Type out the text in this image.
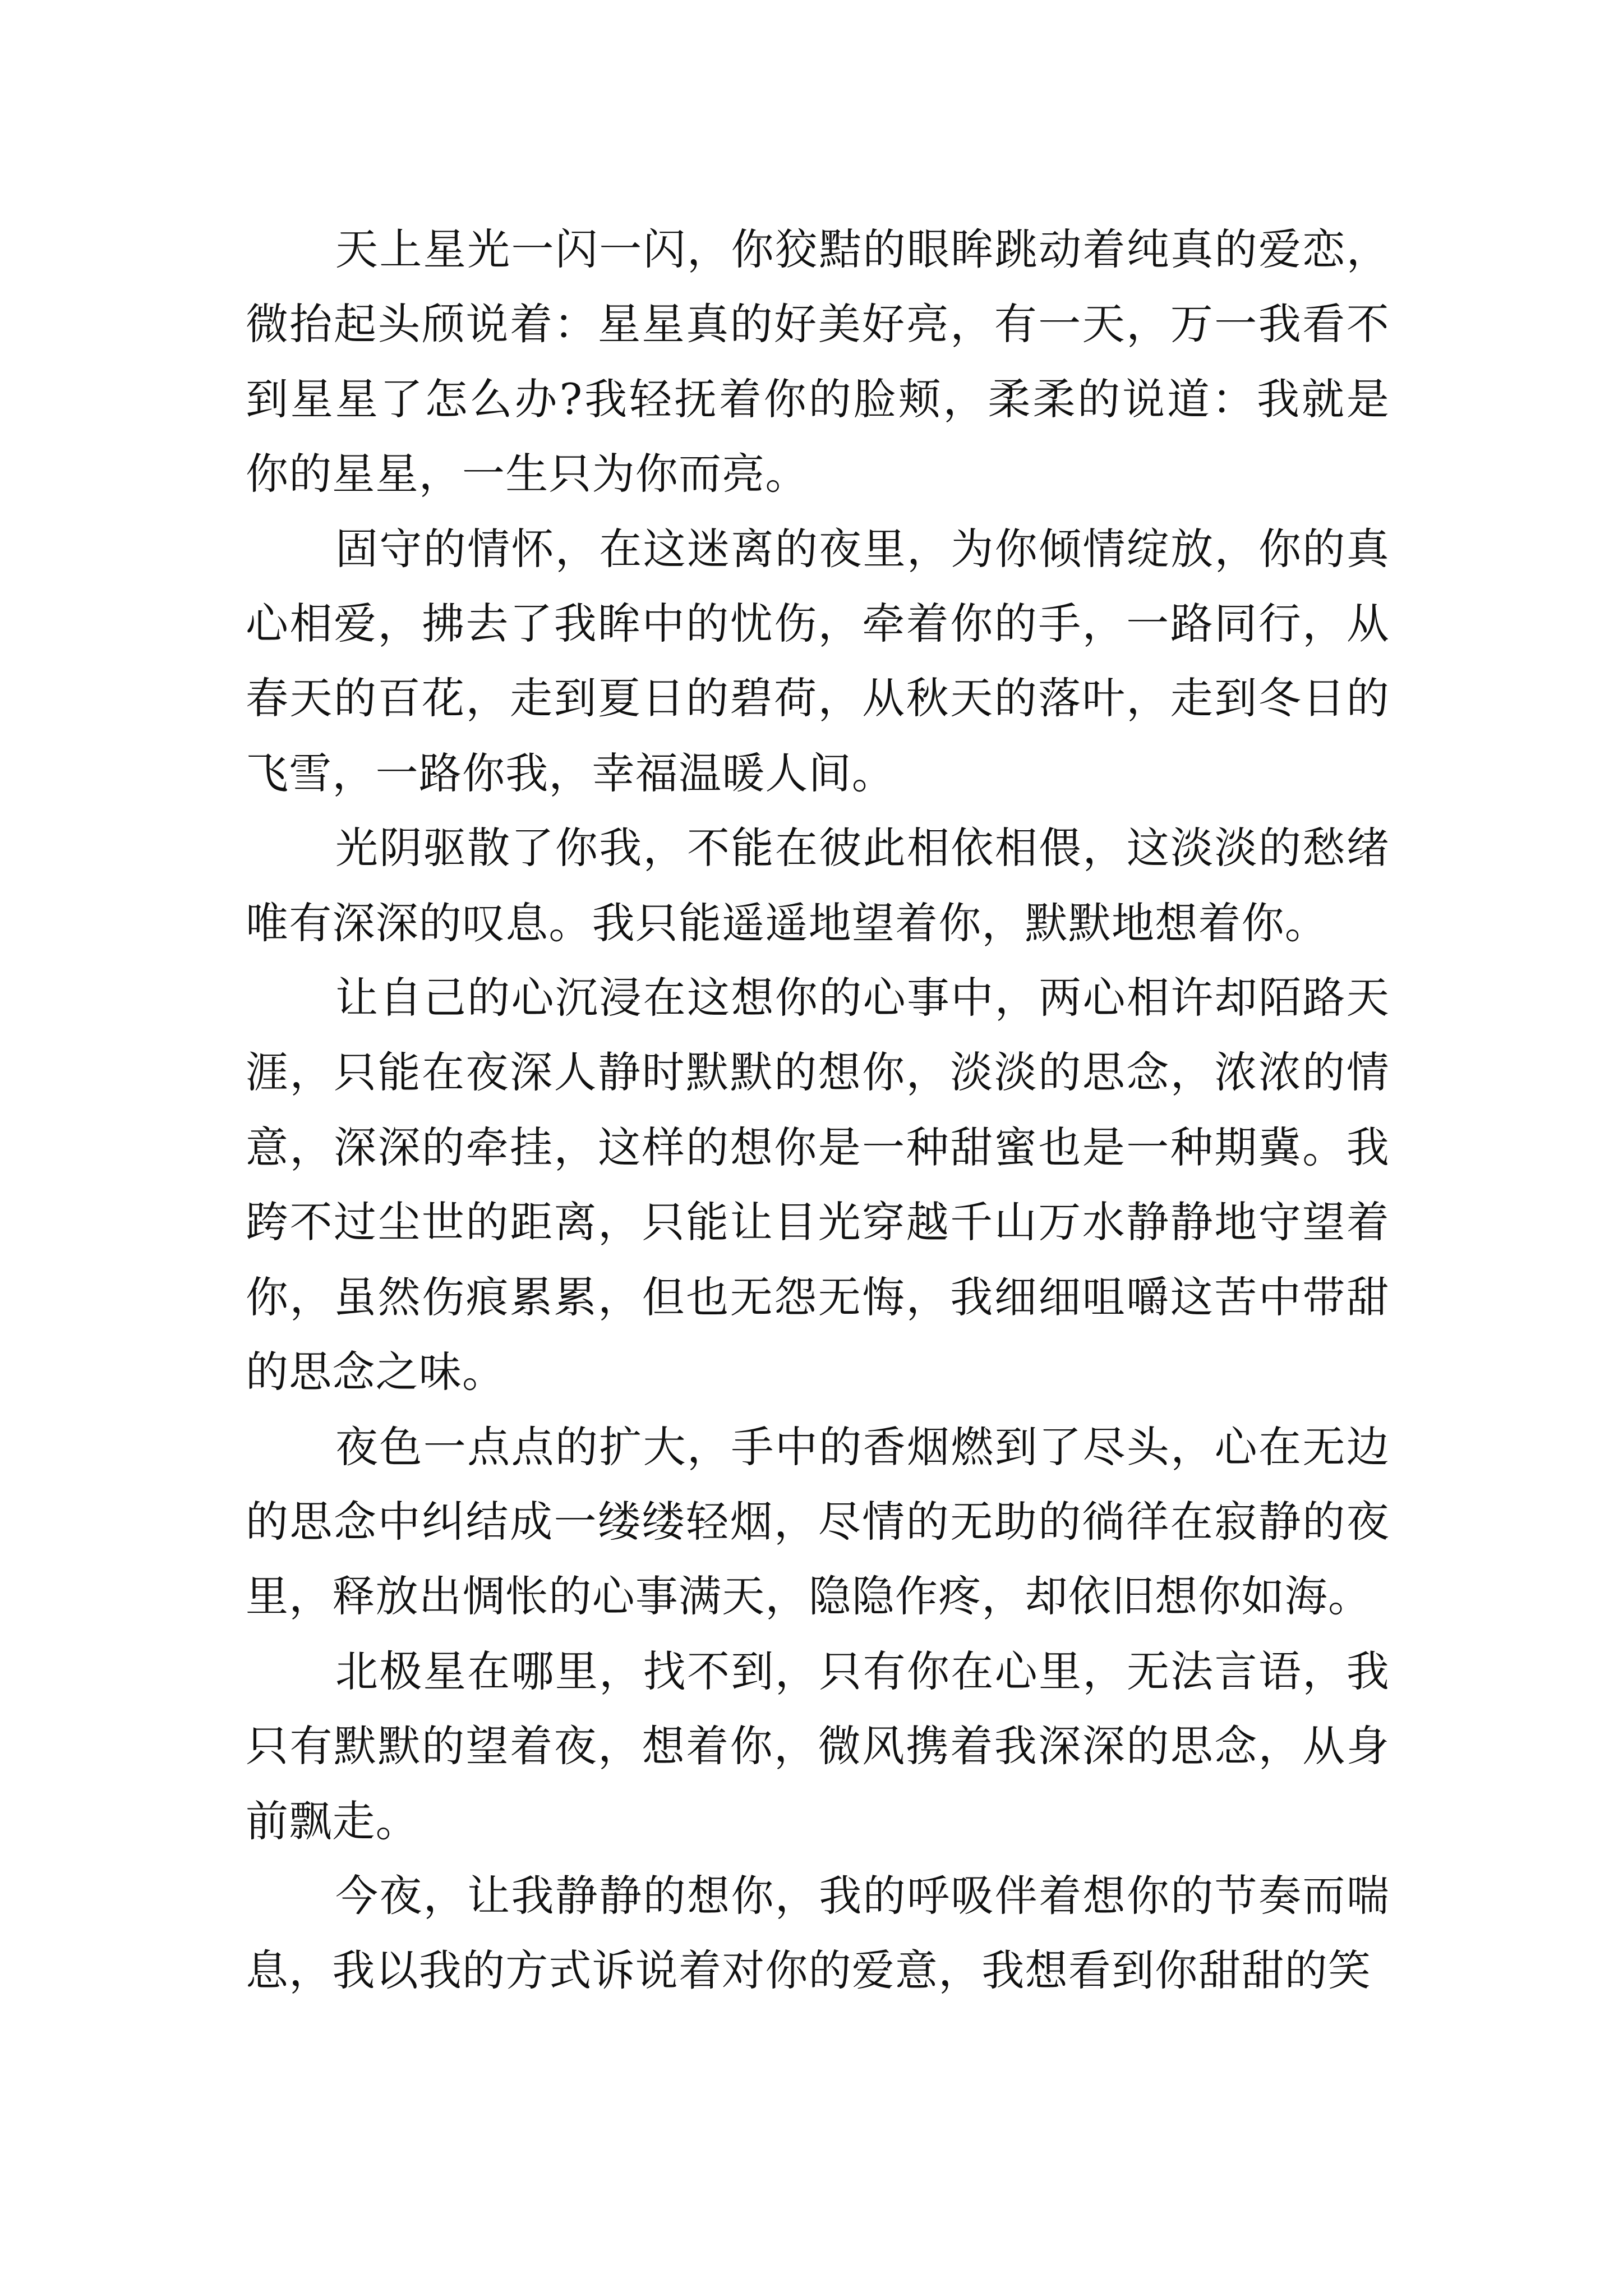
天上星光一闪一闪，你狡黠的眼眸跳动着纯真的爱恋，微抬起头颀说着：星星真的好美好亮，有一天，万一我看不到星星了怎么办?我轻抚着你的脸颊，柔柔的说道：我就是你的星星，一生只为你而亮。

固守的情怀，在这迷离的夜里，为你倾情绽放，你的真心相爱，拂去了我眸中的忧伤，牵着你的手，一路同行，从春天的百花，走到夏日的碧荷，从秋天的落叶，走到冬日的飞雪，一路你我，幸福温暖人间。

光阴驱散了你我，不能在彼此相依相偎，这淡淡的愁绪唯有深深的叹息。我只能遥遥地望着你，默默地想着你。

让自己的心沉浸在这想你的心事中，两心相许却陌路天涯，只能在夜深人静时默默的想你，淡淡的思念，浓浓的情意，深深的牵挂，这样的想你是一种甜蜜也是一种期冀。我跨不过尘世的距离，只能让目光穿越千山万水静静地守望着你，虽然伤痕累累，但也无怨无悔，我细细咀嚼这苦中带甜的思念之味。

夜色一点点的扩大，手中的香烟燃到了尽头，心在无边的思念中纠结成一缕缕轻烟，尽情的无助的徜徉在寂静的夜里，释放出惆怅的心事满天，隐隐作疼，却依旧想你如海。

北极星在哪里，找不到，只有你在心里，无法言语，我只有默默的望着夜，想着你，微风携着我深深的思念，从身前飘走。

今夜，让我静静的想你，我的呼吸伴着想你的节奏而喘息，我以我的方式诉说着对你的爱意，我想看到你甜甜的笑
